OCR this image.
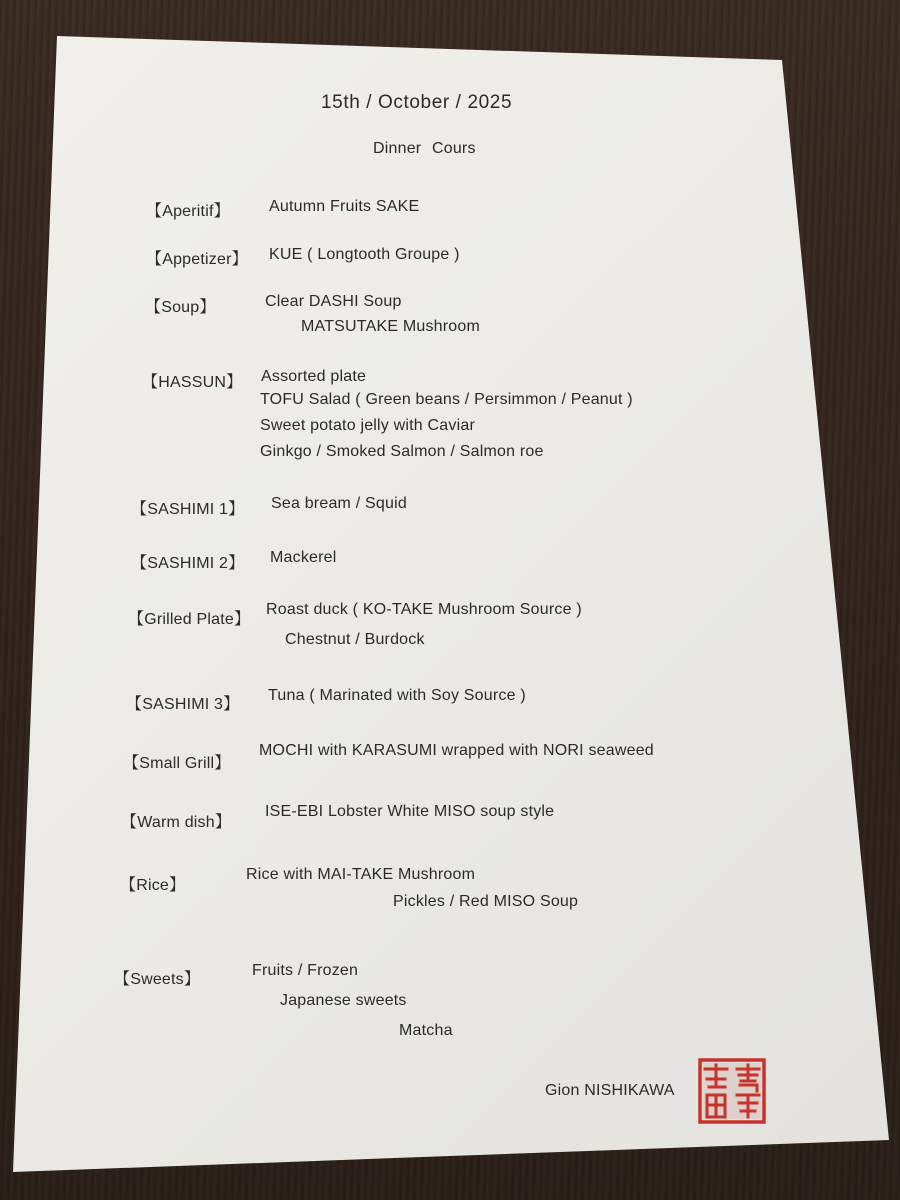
15th / October / 2025

Dinner Cours

【Aperitif】 Autumn Fruits SAKE

【Appetizer】 KUE ( Longtooth Groupe )

【Soup】	Clear DASHI Soup

MATSUTAKE Mushroom

【HASSUN】 Assorted plate

TOFU Salad ( Green beans / Persimmon / Peanut )

Sweet potato jelly with Caviar

Ginkgo / Smoked Salmon / Salmon roe

【SASHIMI 1】 Sea bream / Squid

【SASHIMI 2】 Mackerel

【Grilled Plate】

Roast duck ( KO-TAKE Mushroom Source )

Chestnut / Burdock

【SASHIMI 3】

Tuna ( Marinated with Soy Source )

【Small Grill】

MOCHI with KARASUMI wrapped with NORI seaweed

【Warm dish】

ISE-EBI Lobster White MISO soup style

【Rice】

Rice with MAI-TAKE Mushroom

Pickles / Red MISO Soup

【Sweets】

Fruits / Frozen

Japanese sweets

Matcha

Gion NISHIKAWA
